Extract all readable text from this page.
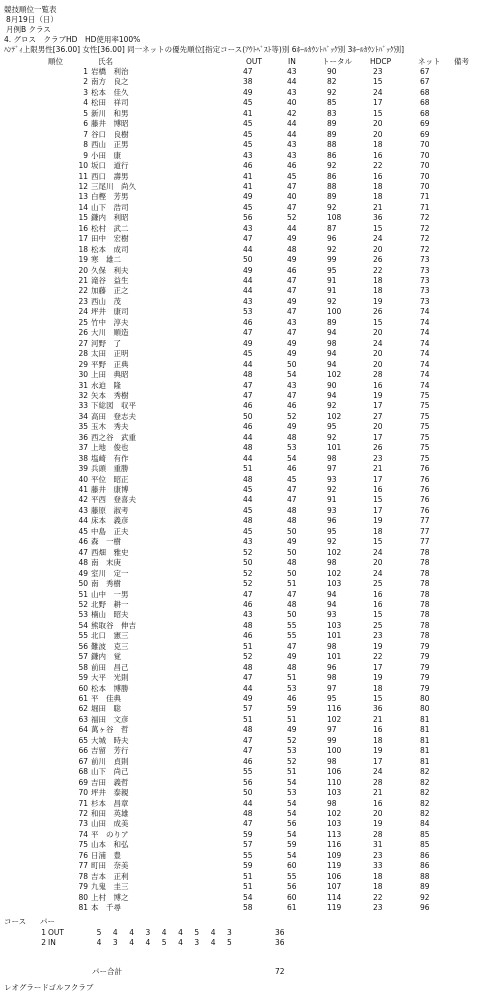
競技順位一覧表
8月19日（日）
月例B クラス
4. グロス　クラブHD　HD使用率100%
ﾊﾝﾃﾞｨ上限男性[36.00] 女性[36.00] 同一ネットの優先順位[指定コース(ｱｳﾄﾍﾞｽﾄ等)別 6ﾎｰﾙｶｳﾝﾄﾊﾞｯｸ別 3ﾎｰﾙｶｳﾝﾄﾊﾞｯｸ別]
順位	氏名	OUT	IN	トータル HDCP	ネット 備考
1 岩橋　利治	47	43	90	23	67
2 南方　良之	38	44	82	15	67
3 松本　佳久	49	43	92	24	68
4 松田　祥司	45	40	85	17	68
5 新川　和男	41	42	83	15	68
6 藤井　博昭	45	44	89	20	69
7 谷口　良樹	45	44	89	20	69
8 西山　正男	45	43	88	18	70
9 小田　康	43	43	86	16	70
10 坂口　道行	46	46	92	22	70
11 西口　壽男	41	45	86	16	70
12 三尾川　尚久	41	47	88	18	70
13 白樫　芳男	49	40	89	18	71
14 山下　浩司	45	47	92	21	71
15 鎌内　利昭	56	52	108	36	72
16 松村　武二	43	44	87	15	72
17 田中　宏樹	47	49	96	24	72
18 松本　成司	44	48	92	20	72
19 寒　雄二	50	49	99	26	73
20 久保　利夫	49	46	95	22	73
21 滝谷　益生	44	47	91	18	73
22 加藤　正之	44	47	91	18	73
23 西山　茂	43	49	92	19	73
24 坪井　康司	53	47	100	26	74
25 竹中　淳夫	46	43	89	15	74
26 大川　順造	47	47	94	20	74
27 河野　了	49	49	98	24	74
28 太田　正明	45	49	94	20	74
29 平野　正典	44	50	94	20	74
30 上田　典昭	48	54	102	28	74
31 水迫　隆	47	43	90	16	74
32 矢本　秀樹	47	47	94	19	75
33 下総図　収平	46	46	92	17	75
34 高田　登志夫	50	52	102	27	75
35 玉木　秀夫	46	49	95	20	75
36 西之谷　武重	44	48	92	17	75
37 上地　俊也	48	53	101	26	75
38 塩崎　有作	44	54	98	23	75
39 兵頭　重勝	51	46	97	21	76
40 平位　昭正	48	45	93	17	76
41 藤井　康博	45	47	92	16	76
42 平西　登喜夫	44	47	91	15	76
43 藤原　淑考	45	48	93	17	76
44 床本　義彦	48	48	96	19	77
45 中島　正夫	45	50	95	18	77
46 森　一樹	43	49	92	15	77
47 西畑　雅史	52	50	102	24	78
48 南　末庚	50	48	98	20	78
49 室川　定一	52	50	102	24	78
50 南　秀樹	52	51	103	25	78
51 山中　一男	47	47	94	16	78
52 北野　耕一	46	48	94	16	78
53 楠山　昭夫	43	50	93	15	78
54 熊取谷　伸吉	48	55	103	25	78
55 北口　憲三	46	55	101	23	78
56 難波　克三	51	47	98	19	79
57 鎌内　覚	52	49	101	22	79
58 前田　昌己	48	48	96	17	79
59 大平　光則	47	51	98	19	79
60 松本　博勝	44	53	97	18	79
61 平　佳典	49	46	95	15	80
62 堀田　聡	57	59	116	36	80
63 福田　文彦	51	51	102	21	81
64 萬ヶ谷　哲	48	49	97	16	81
65 大城　時夫	47	52	99	18	81
66 吉留　芳行	47	53	100	19	81
67 前川　貞則	46	52	98	17	81
68 山下　尚己	55	51	106	24	82
69 吉田　義哲	56	54	110	28	82
70 坪井　泰親	50	53	103	21	82
71 杉本　昌章	44	54	98	16	82
72 和田　英雄	48	54	102	20	82
73 山田　成美	47	56	103	19	84
74 平　のりア	59	54	113	28	85
75 山本　和弘	57	59	116	31	85
76 日浦　豊	55	54	109	23	86
77 町田　奈美	59	60	119	33	86
78 吉本　正利	51	55	106	18	88
79 九鬼　圭三	51	56	107	18	89
80 上村　博之	54	60	114	22	92
81 本　千尋	58	61	119	23	96
コース パー
1 OUT	5	4	4	3	4	4	5	4	3	36
2 IN	4	3	4	4	5	4	3	4	5	36
パー合計	72
レオグラードゴルフクラブ
